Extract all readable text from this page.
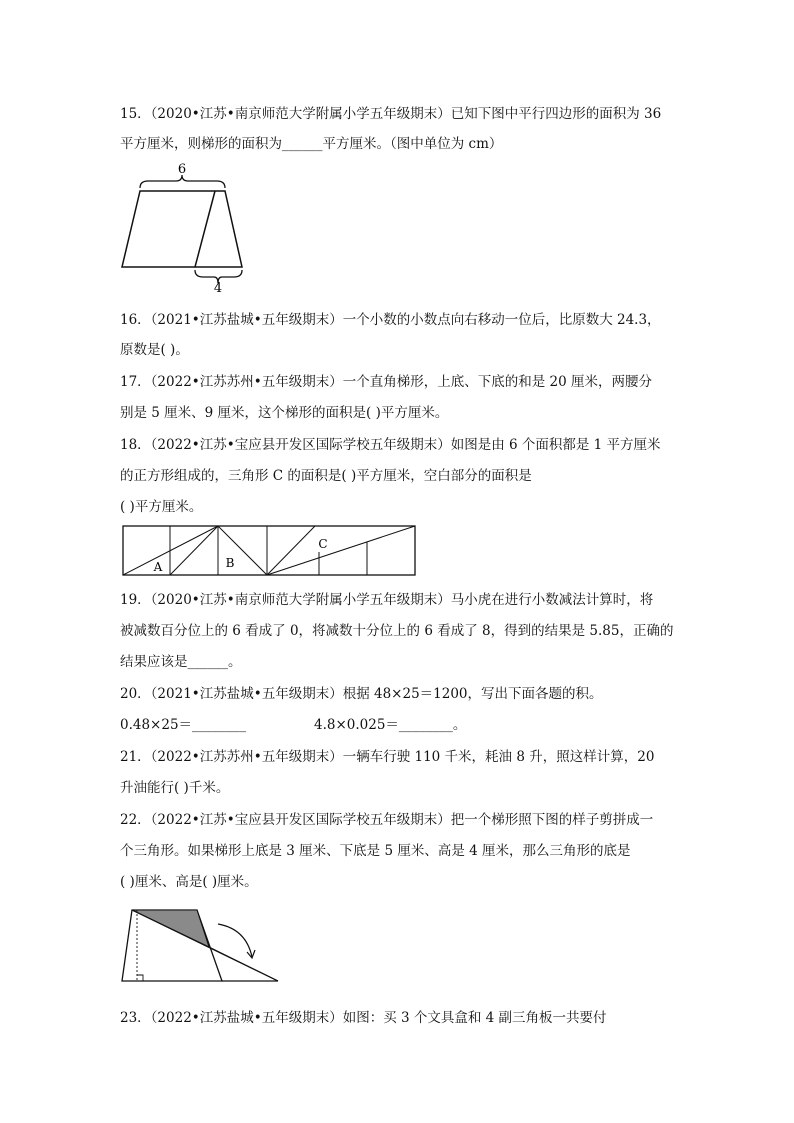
15．（2020•江苏•南京师范大学附属小学五年级期末）已知下图中平行四边形的面积为 36
平方厘米，则梯形的面积为______平方厘米。（图中单位为 cm）
6
4
16．（2021•江苏盐城•五年级期末）一个小数的小数点向右移动一位后，比原数大 24.3，
原数是( )。
17．（2022•江苏苏州•五年级期末）一个直角梯形，上底、下底的和是 20 厘米，两腰分
别是 5 厘米、9 厘米，这个梯形的面积是( )平方厘米。
18．（2022•江苏•宝应县开发区国际学校五年级期末）如图是由 6 个面积都是 1 平方厘米
的正方形组成的，三角形 C 的面积是( )平方厘米，空白部分的面积是
( )平方厘米。
A	B
C
19．（2020•江苏•南京师范大学附属小学五年级期末）马小虎在进行小数减法计算时，将
被减数百分位上的 6 看成了 0，将减数十分位上的 6 看成了 8，得到的结果是 5.85，正确的
结果应该是______。
20．（2021•江苏盐城•五年级期末）根据 48×25＝1200，写出下面各题的积。
0.48×25＝________	4.8×0.025＝________。
21．（2022•江苏苏州•五年级期末）一辆车行驶 110 千米，耗油 8 升，照这样计算，20
升油能行( )千米。
22．（2022•江苏•宝应县开发区国际学校五年级期末）把一个梯形照下图的样子剪拼成一
个三角形。如果梯形上底是 3 厘米、下底是 5 厘米、高是 4 厘米，那么三角形的底是
( )厘米、高是( )厘米。
23．（2022•江苏盐城•五年级期末）如图：买 3 个文具盒和 4 副三角板一共要付
